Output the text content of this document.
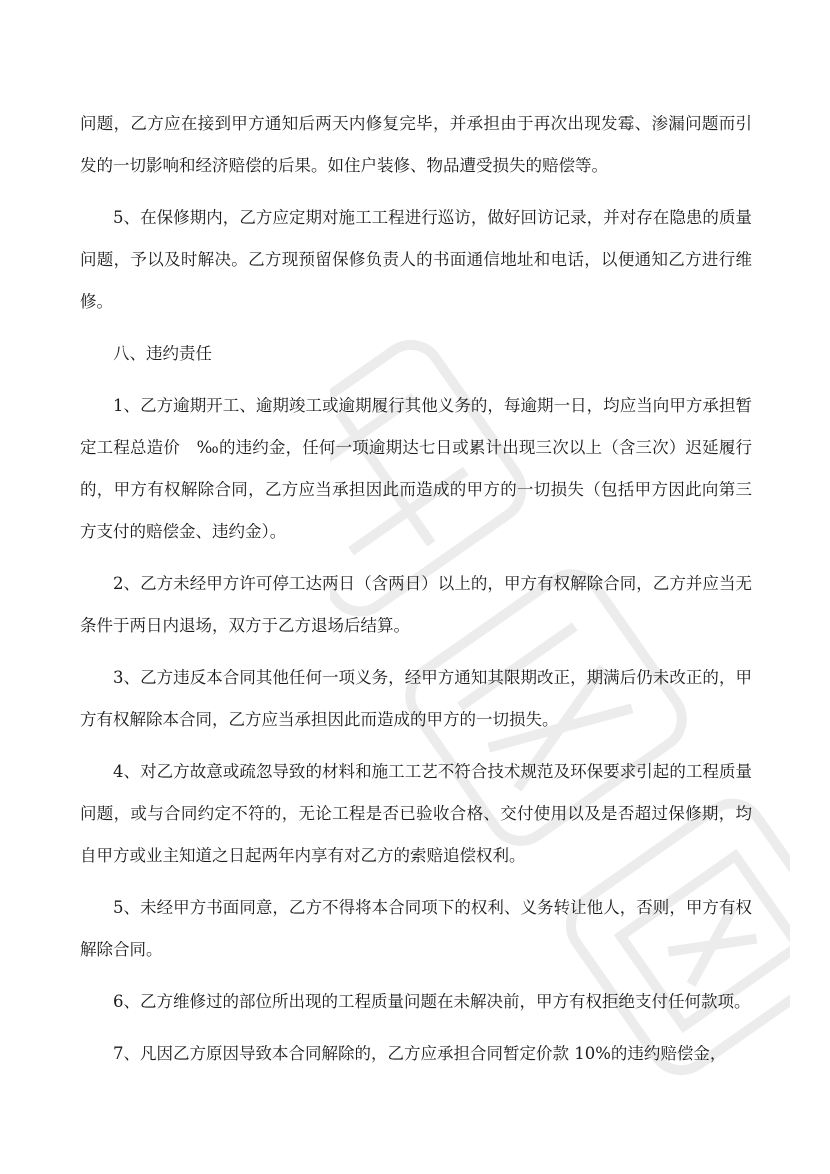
问题，乙方应在接到甲方通知后两天内修复完毕，并承担由于再次出现发霉、渗漏问题而引发的一切影响和经济赔偿的后果。如住户装修、物品遭受损失的赔偿等。

5、在保修期内，乙方应定期对施工工程进行巡访，做好回访记录，并对存在隐患的质量问题，予以及时解决。乙方现预留保修负责人的书面通信地址和电话，以便通知乙方进行维修。

八、违约责任

1、乙方逾期开工、逾期竣工或逾期履行其他义务的，每逾期一日，均应当向甲方承担暂定工程总造价　‰的违约金，任何一项逾期达七日或累计出现三次以上（含三次）迟延履行的，甲方有权解除合同，乙方应当承担因此而造成的甲方的一切损失（包括甲方因此向第三方支付的赔偿金、违约金）。

2、乙方未经甲方许可停工达两日（含两日）以上的，甲方有权解除合同，乙方并应当无条件于两日内退场，双方于乙方退场后结算。

3、乙方违反本合同其他任何一项义务，经甲方通知其限期改正，期满后仍未改正的，甲方有权解除本合同，乙方应当承担因此而造成的甲方的一切损失。

4、对乙方故意或疏忽导致的材料和施工工艺不符合技术规范及环保要求引起的工程质量问题，或与合同约定不符的，无论工程是否已验收合格、交付使用以及是否超过保修期，均自甲方或业主知道之日起两年内享有对乙方的索赔追偿权利。

5、未经甲方书面同意，乙方不得将本合同项下的权利、义务转让他人，否则，甲方有权解除合同。

6、乙方维修过的部位所出现的工程质量问题在未解决前，甲方有权拒绝支付任何款项。

7、凡因乙方原因导致本合同解除的，乙方应承担合同暂定价款 10%的违约赔偿金，
